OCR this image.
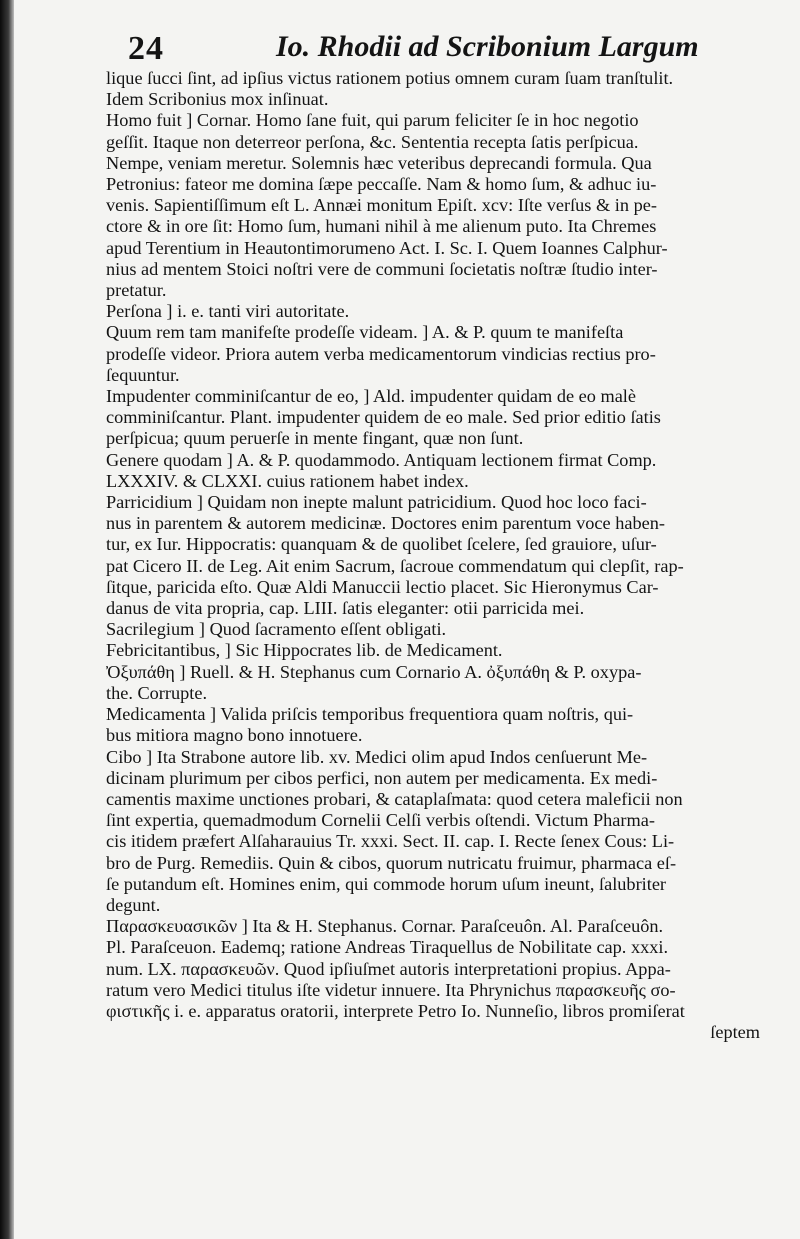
24	Io. Rhodii ad Scribonium Largum
lique ſucci ſint, ad ipſius victus rationem potius omnem curam ſuam tranſtulit.
Idem Scribonius mox inſinuat.
Homo fuit ] Cornar. Homo ſane fuit, qui parum feliciter ſe in hoc negotio
geſſit. Itaque non deterreor perſona, &c. Sententia recepta ſatis perſpicua.
Nempe, veniam meretur. Solemnis hæc veteribus deprecandi formula. Qua
Petronius: fateor me domina ſæpe peccaſſe. Nam & homo ſum, & adhuc iu-
venis. Sapientiſſimum eſt L. Annæi monitum Epiſt. xcv: Iſte verſus & in pe-
ctore & in ore ſit: Homo ſum, humani nihil à me alienum puto. Ita Chremes
apud Terentium in Heautontimorumeno Act. I. Sc. I. Quem Ioannes Calphur-
nius ad mentem Stoici noſtri vere de communi ſocietatis noſtræ ſtudio inter-
pretatur.
Perſona ] i. e. tanti viri autoritate.
Quum rem tam manifeſte prodeſſe videam. ] A. & P. quum te manifeſta
prodeſſe videor. Priora autem verba medicamentorum vindicias rectius pro-
ſequuntur.
Impudenter comminiſcantur de eo, ] Ald. impudenter quidam de eo malè
comminiſcantur. Plant. impudenter quidem de eo male. Sed prior editio ſatis
perſpicua; quum peruerſe in mente fingant, quæ non ſunt.
Genere quodam ] A. & P. quodammodo. Antiquam lectionem firmat Comp.
LXXXIV. & CLXXI. cuius rationem habet index.
Parricidium ] Quidam non inepte malunt patricidium. Quod hoc loco faci-
nus in parentem & autorem medicinæ. Doctores enim parentum voce haben-
tur, ex Iur. Hippocratis: quanquam & de quolibet ſcelere, ſed grauiore, uſur-
pat Cicero II. de Leg. Ait enim Sacrum, ſacroue commendatum qui clepſit, rap-
ſitque, paricida eſto. Quæ Aldi Manuccii lectio placet. Sic Hieronymus Car-
danus de vita propria, cap. LIII. ſatis eleganter: otii parricida mei.
Sacrilegium ] Quod ſacramento eſſent obligati.
Febricitantibus, ] Sic Hippocrates lib. de Medicament.
Ὀξυπάθη ] Ruell. & H. Stephanus cum Cornario A. ὀξυπάθη & P. oxypa-
the. Corrupte.
Medicamenta ] Valida priſcis temporibus frequentiora quam noſtris, qui-
bus mitiora magno bono innotuere.
Cibo ] Ita Strabone autore lib. xv. Medici olim apud Indos cenſuerunt Me-
dicinam plurimum per cibos perfici, non autem per medicamenta. Ex medi-
camentis maxime unctiones probari, & cataplaſmata: quod cetera maleficii non
ſint expertia, quemadmodum Cornelii Celſi verbis oſtendi. Victum Pharma-
cis itidem præfert Alſaharauius Tr. xxxi. Sect. II. cap. I. Recte ſenex Cous: Li-
bro de Purg. Remediis. Quin & cibos, quorum nutricatu fruimur, pharmaca eſ-
ſe putandum eſt. Homines enim, qui commode horum uſum ineunt, ſalubriter
degunt.
Παρασκευασικῶν ] Ita & H. Stephanus. Cornar. Paraſceuôn. Al. Paraſceuôn.
Pl. Paraſceuon. Eademq; ratione Andreas Tiraquellus de Nobilitate cap. xxxi.
num. LX. παρασκευῶν. Quod ipſiuſmet autoris interpretationi propius. Appa-
ratum vero Medici titulus iſte videtur innuere. Ita Phrynichus παρασκευῆς σο-
φιστικῆς i. e. apparatus oratorii, interprete Petro Io. Nunneſio, libros promiſerat
ſeptem
